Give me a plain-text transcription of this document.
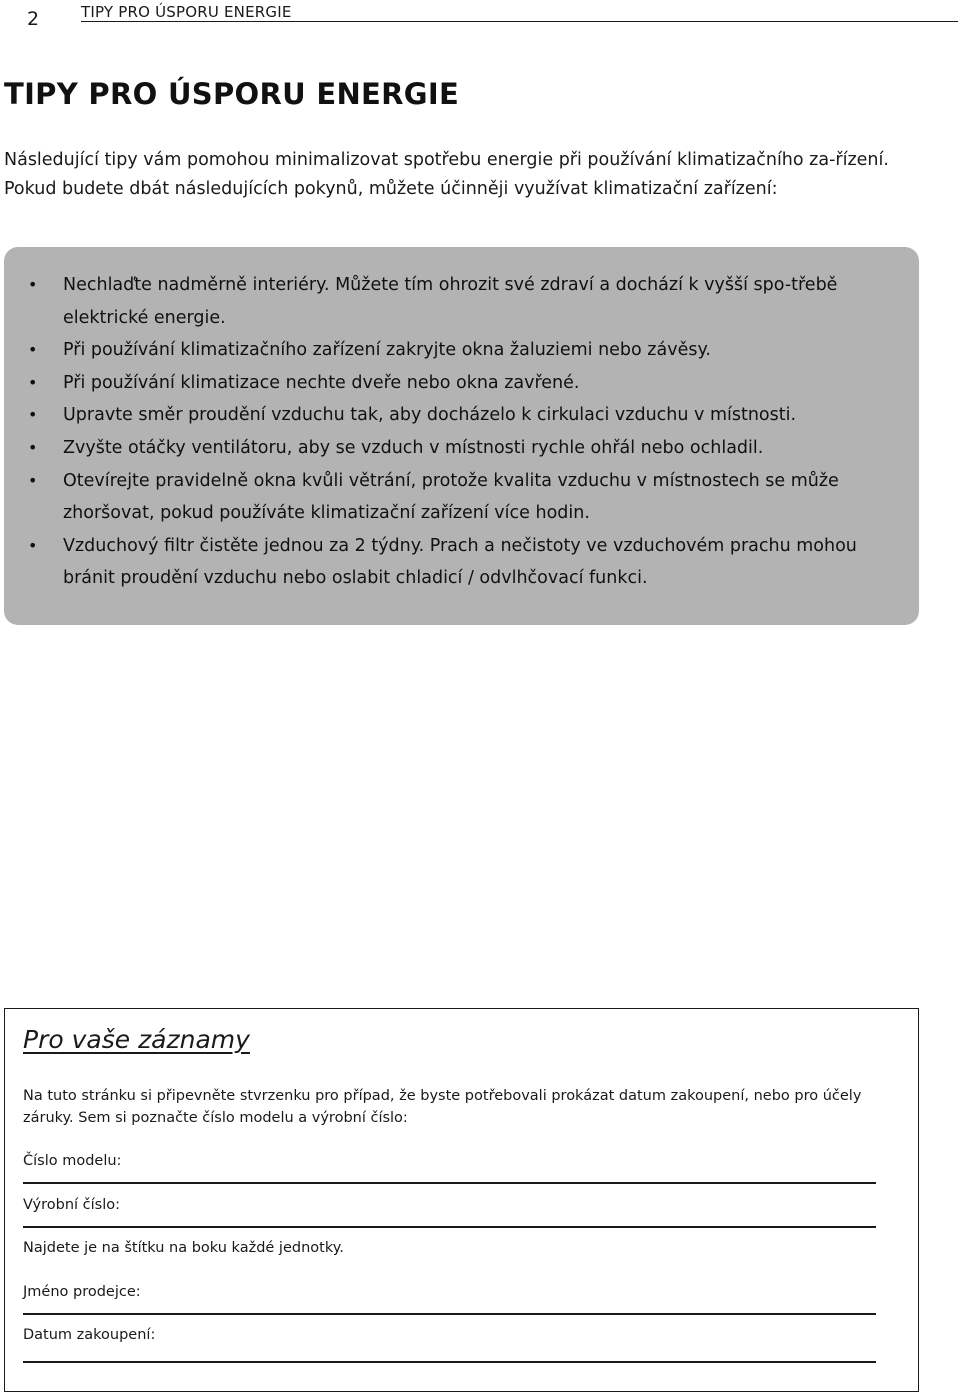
2	TIPY PRO ÚSPORU ENERGIE
TIPY PRO ÚSPORU ENERGIE

Následující tipy vám pomohou minimalizovat spotřebu energie při používání klimatizačního za-řízení. Pokud budete dbát následujících pokynů, můžete účinněji využívat klimatizační zařízení:

• Nechlaďte nadměrně interiéry. Můžete tím ohrozit své zdraví a dochází k vyšší spo-třebě elektrické energie.
• Při používání klimatizačního zařízení zakryjte okna žaluziemi nebo závěsy.
• Při používání klimatizace nechte dveře nebo okna zavřené.
• Upravte směr proudění vzduchu tak, aby docházelo k cirkulaci vzduchu v místnosti.
• Zvyšte otáčky ventilátoru, aby se vzduch v místnosti rychle ohřál nebo ochladil.
• Otevírejte pravidelně okna kvůli větrání, protože kvalita vzduchu v místnostech se může zhoršovat, pokud používáte klimatizační zařízení více hodin.
• Vzduchový filtr čistěte jednou za 2 týdny. Prach a nečistoty ve vzduchovém prachu mohou bránit proudění vzduchu nebo oslabit chladicí / odvlhčovací funkci.
Pro vaše záznamy

Na tuto stránku si připevněte stvrzenku pro případ, že byste potřebovali prokázat datum zakoupení, nebo pro účely záruky. Sem si poznačte číslo modelu a výrobní číslo:

Číslo modelu:
Výrobní číslo:
Najdete je na štítku na boku každé jednotky.
Jméno prodejce:
Datum zakoupení:
